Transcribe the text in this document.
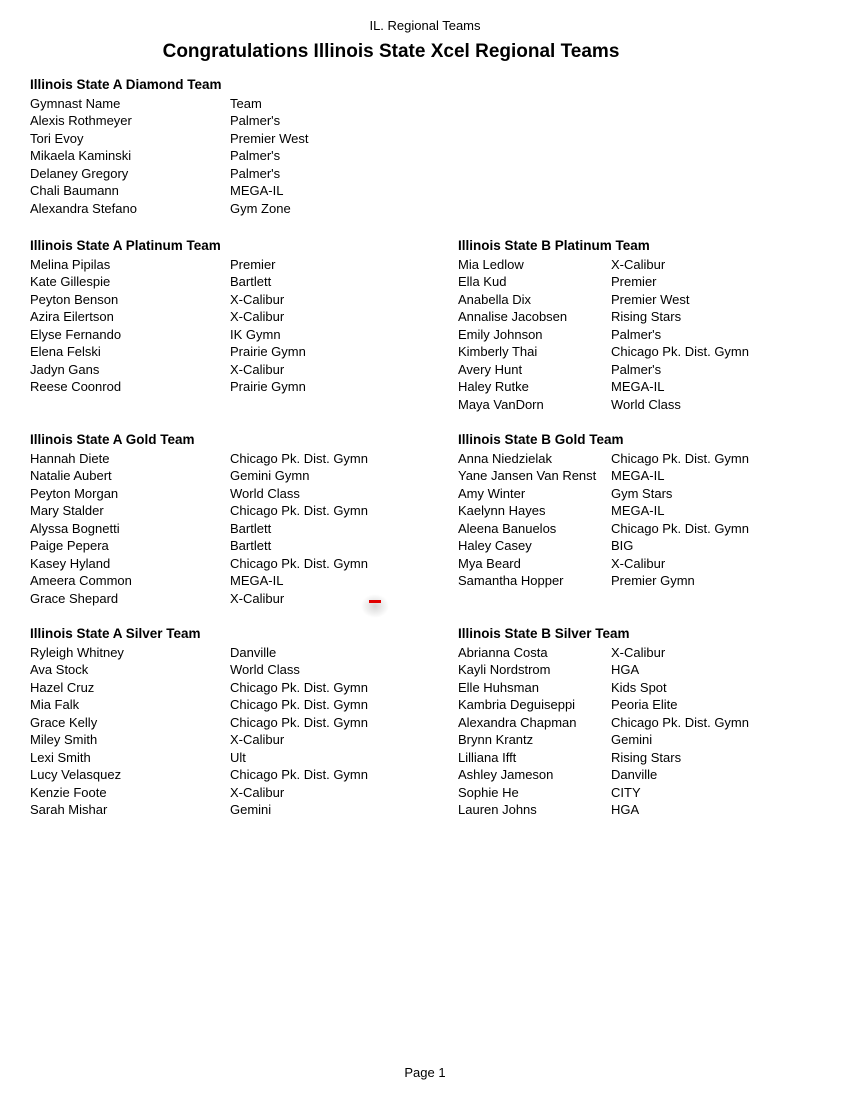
IL. Regional Teams
Congratulations Illinois State Xcel Regional Teams
Illinois State A Diamond Team
Gymnast Name	Team
Alexis Rothmeyer	Palmer's
Tori Evoy	Premier West
Mikaela Kaminski	Palmer's
Delaney Gregory	Palmer's
Chali Baumann	MEGA-IL
Alexandra Stefano	Gym Zone
Illinois State A Platinum Team
Melina Pipilas	Premier
Kate Gillespie	Bartlett
Peyton Benson	X-Calibur
Azira Eilertson	X-Calibur
Elyse Fernando	IK Gymn
Elena Felski	Prairie Gymn
Jadyn Gans	X-Calibur
Reese Coonrod	Prairie Gymn
Illinois State B Platinum Team
Mia Ledlow	X-Calibur
Ella Kud	Premier
Anabella Dix	Premier West
Annalise Jacobsen	Rising Stars
Emily Johnson	Palmer's
Kimberly Thai	Chicago Pk. Dist. Gymn
Avery Hunt	Palmer's
Haley Rutke	MEGA-IL
Maya VanDorn	World Class
Illinois State A Gold Team
Hannah Diete	Chicago Pk. Dist. Gymn
Natalie Aubert	Gemini Gymn
Peyton Morgan	World Class
Mary Stalder	Chicago Pk. Dist. Gymn
Alyssa Bognetti	Bartlett
Paige Pepera	Bartlett
Kasey Hyland	Chicago Pk. Dist. Gymn
Ameera Common	MEGA-IL
Grace Shepard	X-Calibur
Illinois State B Gold Team
Anna Niedzielak	Chicago Pk. Dist. Gymn
Yane Jansen Van Renst	MEGA-IL
Amy Winter	Gym Stars
Kaelynn Hayes	MEGA-IL
Aleena Banuelos	Chicago Pk. Dist. Gymn
Haley Casey	BIG
Mya Beard	X-Calibur
Samantha Hopper	Premier Gymn
Illinois State A Silver Team
Ryleigh Whitney	Danville
Ava Stock	World Class
Hazel Cruz	Chicago Pk. Dist. Gymn
Mia Falk	Chicago Pk. Dist. Gymn
Grace Kelly	Chicago Pk. Dist. Gymn
Miley Smith	X-Calibur
Lexi Smith	Ult
Lucy Velasquez	Chicago Pk. Dist. Gymn
Kenzie Foote	X-Calibur
Sarah Mishar	Gemini
Illinois State B Silver Team
Abrianna Costa	X-Calibur
Kayli Nordstrom	HGA
Elle Huhsman	Kids Spot
Kambria Deguiseppi	Peoria Elite
Alexandra Chapman	Chicago Pk. Dist. Gymn
Brynn Krantz	Gemini
Lilliana Ifft	Rising Stars
Ashley Jameson	Danville
Sophie He	CITY
Lauren Johns	HGA
Page 1
